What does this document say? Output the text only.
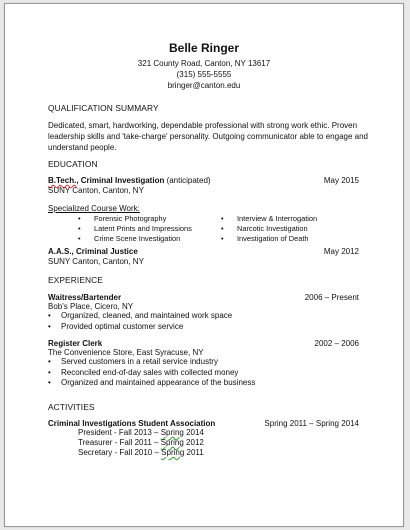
Belle Ringer
321 County Road, Canton, NY 13617
(315) 555-5555
bringer@canton.edu
QUALIFICATION SUMMARY
Dedicated, smart, hardworking, dependable professional with strong work ethic. Proven leadership skills and 'take-charge' personality. Outgoing communicator able to engage and understand people.
EDUCATION
B.Tech., Criminal Investigation (anticipated)	May 2015
SUNY Canton, Canton, NY
Specialized Course Work:
• Forensic Photography
• Latent Prints and Impressions
• Crime Scene Investigation
• Interview & Interrogation
• Narcotic Investigation
• Investigation of Death
A.A.S., Criminal Justice	May 2012
SUNY Canton, Canton, NY
EXPERIENCE
Waitress/Bartender	2006 – Present
Bob's Place, Cicero, NY
• Organized, cleaned, and maintained work space
• Provided optimal customer service
Register Clerk	2002 – 2006
The Convenience Store, East Syracuse, NY
• Served customers in a retail service industry
• Reconciled end-of-day sales with collected money
• Organized and maintained appearance of the business
ACTIVITIES
Criminal Investigations Student Association	Spring 2011 – Spring 2014
President - Fall 2013 – Spring 2014
Treasurer - Fall 2011 – Spring 2012
Secretary - Fall 2010 – Spring 2011
